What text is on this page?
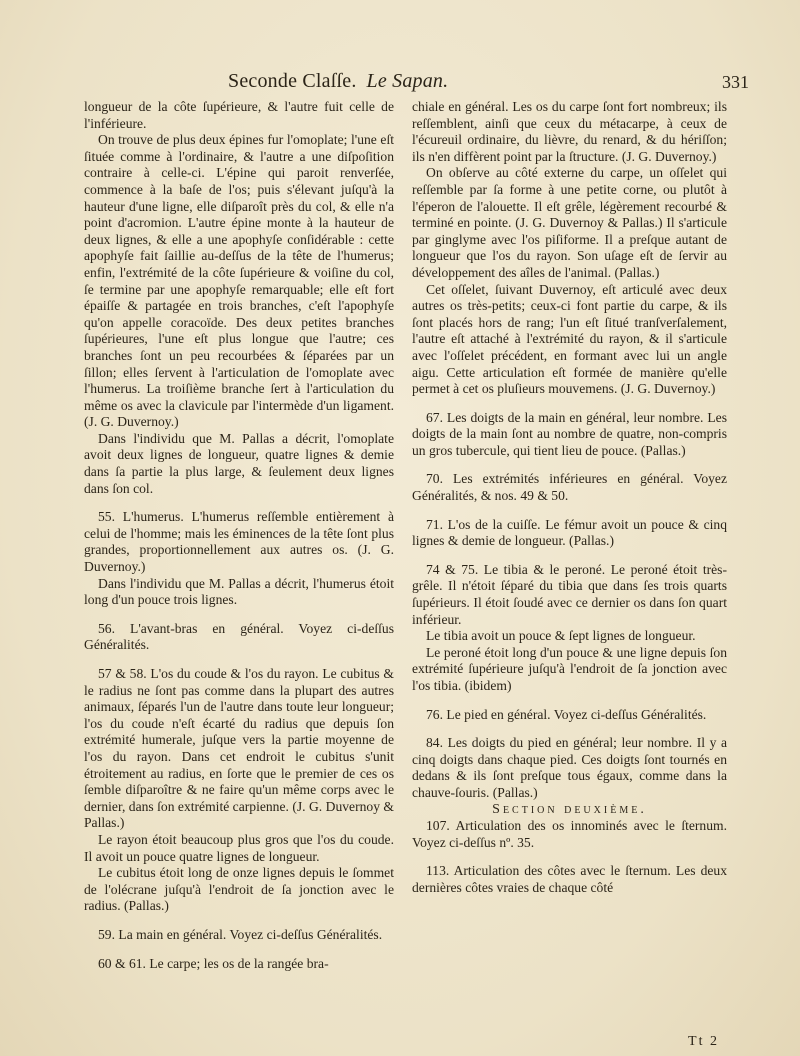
Seconde Claſſe. Le Sapan.	331

longueur de la côte ſupérieure, & l'autre fuit celle de l'inférieure.

On trouve de plus deux épines fur l'omoplate; l'une eſt ſituée comme à l'ordinaire, & l'autre a une diſpoſition contraire à celle-ci. L'épine qui paroit renverſée, commence à la baſe de l'os; puis s'élevant juſqu'à la hauteur d'une ligne, elle diſparoît près du col, & elle n'a point d'acromion. L'autre épine monte à la hauteur de deux lignes, & elle a une apophyſe conſidérable : cette apophyſe fait ſaillie au-deſſus de la tête de l'humerus; enfin, l'extrémité de la côte ſupérieure & voiſine du col, ſe termine par une apophyſe remarquable; elle eſt fort épaiſſe & partagée en trois branches, c'eſt l'apophyſe qu'on appelle coracoïde. Des deux petites branches ſupérieures, l'une eſt plus longue que l'autre; ces branches ſont un peu recourbées & ſéparées par un ſillon; elles ſervent à l'articulation de l'omoplate avec l'humerus. La troiſième branche ſert à l'articulation du même os avec la clavicule par l'intermède d'un ligament. (J. G. Duvernoy.)

Dans l'individu que M. Pallas a décrit, l'omoplate avoit deux lignes de longueur, quatre lignes & demie dans ſa partie la plus large, & ſeulement deux lignes dans ſon col.

55. L'humerus. L'humerus reſſemble entièrement à celui de l'homme; mais les éminences de la tête ſont plus grandes, proportionnellement aux autres os. (J. G. Duvernoy.)

Dans l'individu que M. Pallas a décrit, l'humerus étoit long d'un pouce trois lignes.

56. L'avant-bras en général. Voyez ci-deſſus Généralités.

57 & 58. L'os du coude & l'os du rayon. Le cubitus & le radius ne ſont pas comme dans la plupart des autres animaux, ſéparés l'un de l'autre dans toute leur longueur; l'os du coude n'eſt écarté du radius que depuis ſon extrémité humerale, juſque vers la partie moyenne de l'os du rayon. Dans cet endroit le cubitus s'unit étroitement au radius, en ſorte que le premier de ces os ſemble diſparoître & ne faire qu'un même corps avec le dernier, dans ſon extrémité carpienne. (J. G. Duvernoy & Pallas.)

Le rayon étoit beaucoup plus gros que l'os du coude. Il avoit un pouce quatre lignes de longueur.

Le cubitus étoit long de onze lignes depuis le ſommet de l'olécrane juſqu'à l'endroit de ſa jonction avec le radius. (Pallas.)

59. La main en général. Voyez ci-deſſus Généralités.

60 & 61. Le carpe; les os de la rangée bra-

chiale en général. Les os du carpe ſont fort nombreux; ils reſſemblent, ainſi que ceux du métacarpe, à ceux de l'écureuil ordinaire, du lièvre, du renard, & du hériſſon; ils n'en diffèrent point par la ſtructure. (J. G. Duvernoy.)

On obſerve au côté externe du carpe, un oſſelet qui reſſemble par ſa forme à une petite corne, ou plutôt à l'éperon de l'alouette. Il eſt grêle, légèrement recourbé & terminé en pointe. (J. G. Duvernoy & Pallas.) Il s'articule par ginglyme avec l'os piſiforme. Il a preſque autant de longueur que l'os du rayon. Son uſage eſt de ſervir au développement des aîles de l'animal. (Pallas.)

Cet oſſelet, ſuivant Duvernoy, eſt articulé avec deux autres os très-petits; ceux-ci font partie du carpe, & ils ſont placés hors de rang; l'un eſt ſitué tranſverſalement, l'autre eſt attaché à l'extrémité du rayon, & il s'articule avec l'oſſelet précédent, en formant avec lui un angle aigu. Cette articulation eſt formée de manière qu'elle permet à cet os pluſieurs mouvemens. (J. G. Duvernoy.)

67. Les doigts de la main en général, leur nombre. Les doigts de la main ſont au nombre de quatre, non-compris un gros tubercule, qui tient lieu de pouce. (Pallas.)

70. Les extrémités inférieures en général. Voyez Généralités, & nos. 49 & 50.

71. L'os de la cuiſſe. Le fémur avoit un pouce & cinq lignes & demie de longueur. (Pallas.)

74 & 75. Le tibia & le peroné. Le peroné étoit très-grêle. Il n'étoit ſéparé du tibia que dans ſes trois quarts ſupérieurs. Il étoit ſoudé avec ce dernier os dans ſon quart inférieur.

Le tibia avoit un pouce & ſept lignes de longueur.

Le peroné étoit long d'un pouce & une ligne depuis ſon extrémité ſupérieure juſqu'à l'endroit de ſa jonction avec l'os tibia. (ibidem)

76. Le pied en général. Voyez ci-deſſus Généralités.

84. Les doigts du pied en général; leur nombre. Il y a cinq doigts dans chaque pied. Ces doigts ſont tournés en dedans & ils ſont preſque tous égaux, comme dans la chauve-ſouris. (Pallas.)

Section deuxième.

107. Articulation des os innominés avec le ſternum. Voyez ci-deſſus nº. 35.

113. Articulation des côtes avec le ſternum. Les deux dernières côtes vraies de chaque côté

Tt 2
